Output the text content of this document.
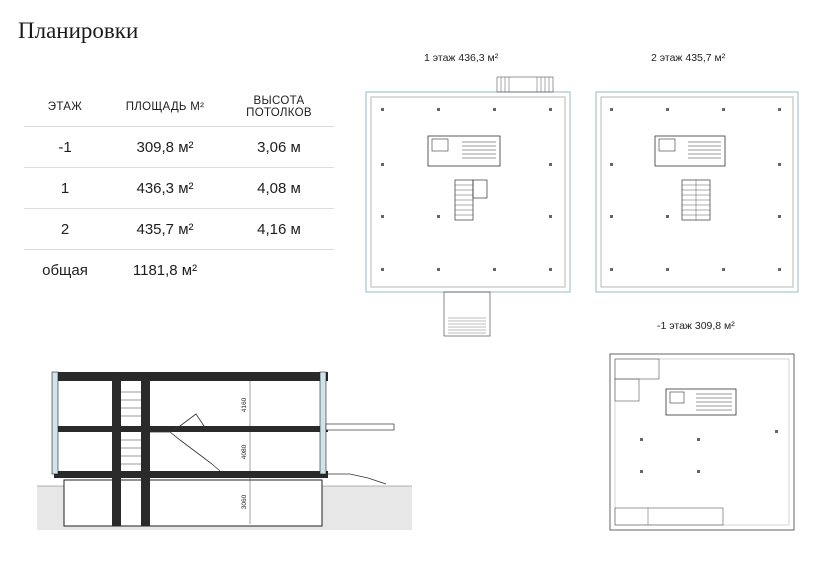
Планировки
ЭТАЖ	ПЛОЩАДЬ М²	ВЫСОТА
ПОТОЛКОВ
-1	309,8 м²	3,06 м
1	436,3 м²	4,08 м
2	435,7 м²	4,16 м
общая	1181,8 м²	
1 этаж 436,3 м²	2 этаж 435,7 м²
-1 этаж 309,8 м²
4160
4080
3060
